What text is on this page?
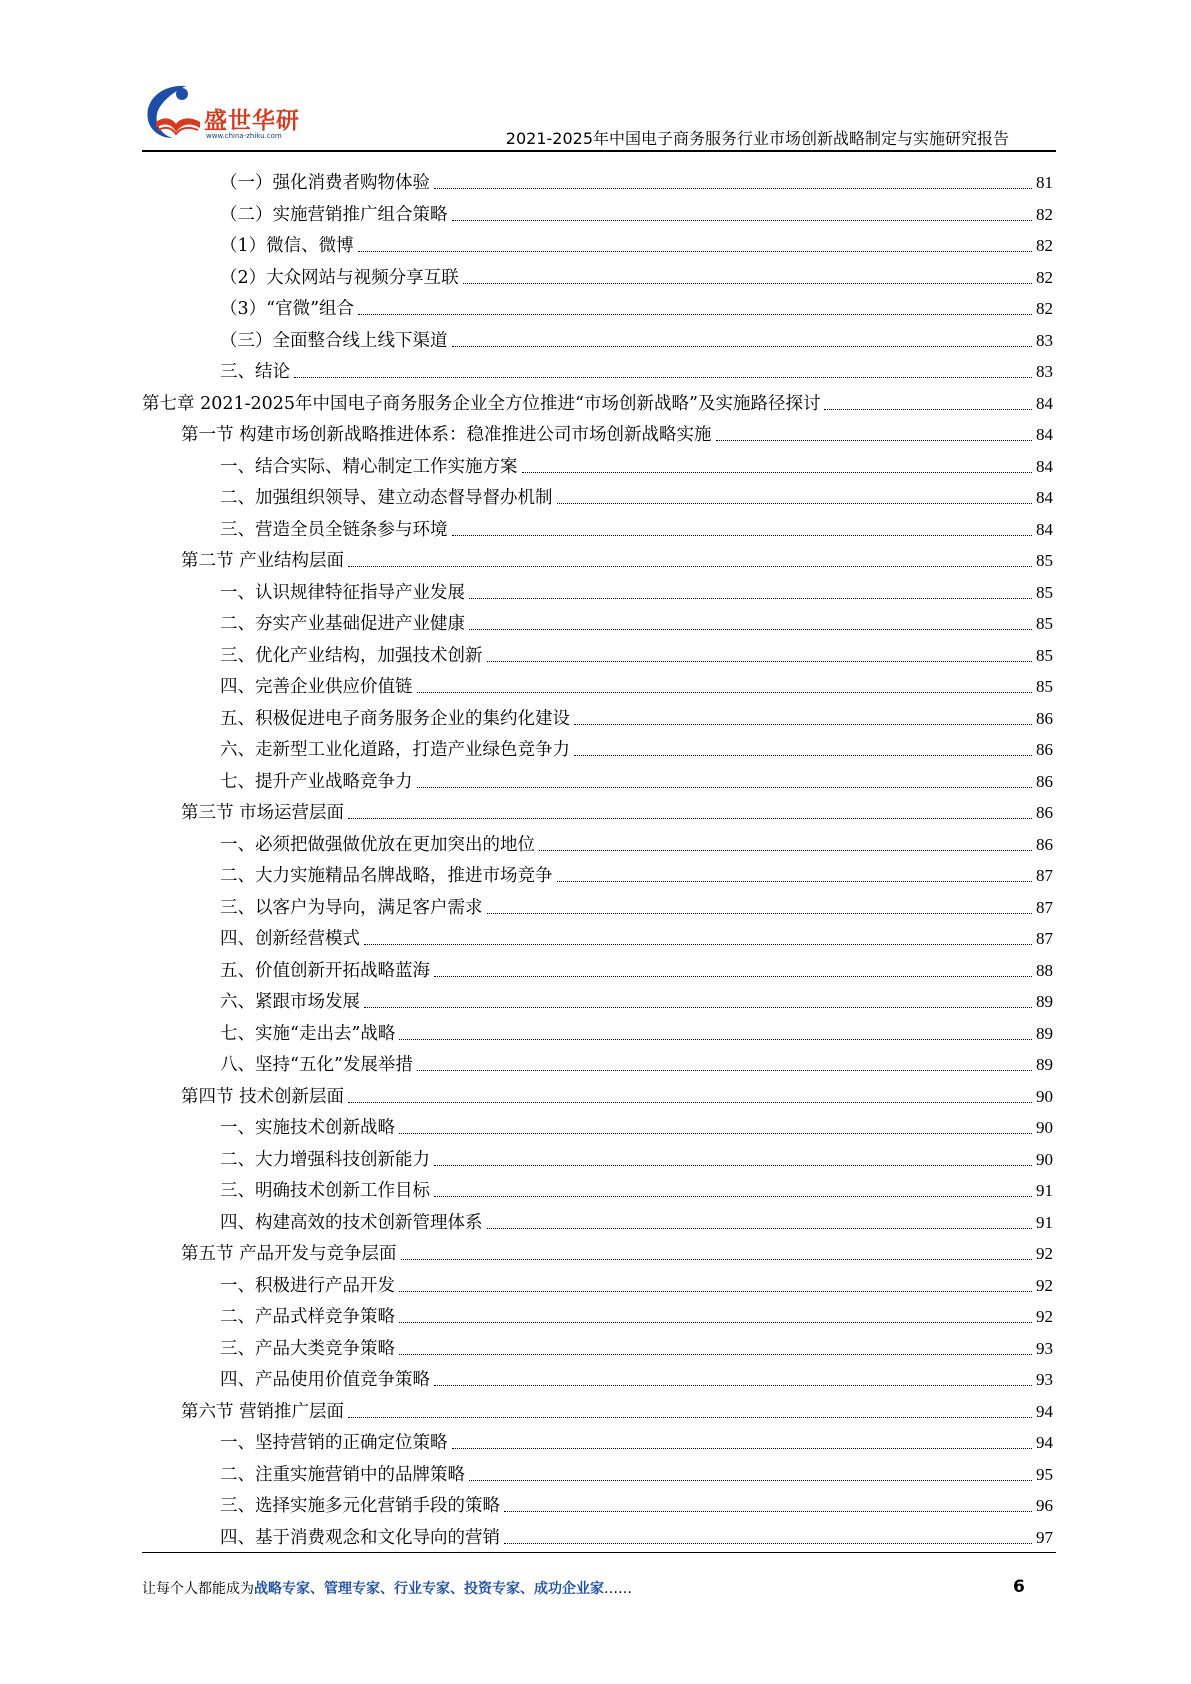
盛世华研
www.china-zhiku.com	2021-2025年中国电子商务服务行业市场创新战略制定与实施研究报告
（一）强化消费者购物体验	81
（二）实施营销推广组合策略	82
（1）微信、微博	82
（2）大众网站与视频分享互联	82
（3）“官微”组合	82
（三）全面整合线上线下渠道	83
三、结论	83
第七章 2021-2025年中国电子商务服务企业全方位推进“市场创新战略”及实施路径探讨	84
第一节 构建市场创新战略推进体系：稳准推进公司市场创新战略实施	84
一、结合实际、精心制定工作实施方案	84
二、加强组织领导、建立动态督导督办机制	84
三、营造全员全链条参与环境	84
第二节 产业结构层面	85
一、认识规律特征指导产业发展	85
二、夯实产业基础促进产业健康	85
三、优化产业结构，加强技术创新	85
四、完善企业供应价值链	85
五、积极促进电子商务服务企业的集约化建设	86
六、走新型工业化道路，打造产业绿色竞争力	86
七、提升产业战略竞争力	86
第三节 市场运营层面	86
一、必须把做强做优放在更加突出的地位	86
二、大力实施精品名牌战略，推进市场竞争	87
三、以客户为导向，满足客户需求	87
四、创新经营模式	87
五、价值创新开拓战略蓝海	88
六、紧跟市场发展	89
七、实施“走出去”战略	89
八、坚持“五化”发展举措	89
第四节 技术创新层面	90
一、实施技术创新战略	90
二、大力增强科技创新能力	90
三、明确技术创新工作目标	91
四、构建高效的技术创新管理体系	91
第五节 产品开发与竞争层面	92
一、积极进行产品开发	92
二、产品式样竞争策略	92
三、产品大类竞争策略	93
四、产品使用价值竞争策略	93
第六节 营销推广层面	94
一、坚持营销的正确定位策略	94
二、注重实施营销中的品牌策略	95
三、选择实施多元化营销手段的策略	96
四、基于消费观念和文化导向的营销	97
让每个人都能成为战略专家、管理专家、行业专家、投资专家、成功企业家……	6
